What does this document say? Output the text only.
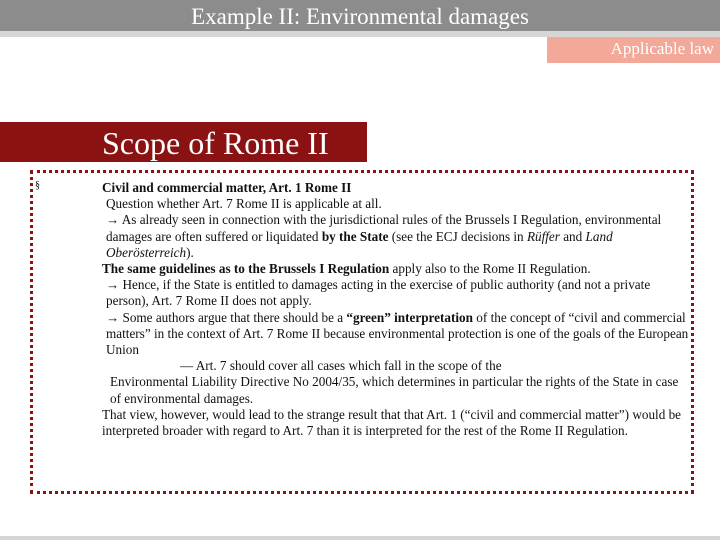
Example II: Environmental damages
Applicable law
Scope of Rome II
§	Civil and commercial matter, Art. 1 Rome II
Question whether Art. 7 Rome II is applicable at all.
→ As already seen in connection with the jurisdictional rules of the Brussels I Regulation, environmental damages are often suffered or liquidated by the State (see the ECJ decisions in Rüffer and Land Oberösterreich).
The same guidelines as to the Brussels I Regulation apply also to the Rome II Regulation.
→ Hence, if the State is entitled to damages acting in the exercise of public authority (and not a private person), Art. 7 Rome II does not apply.
→ Some authors argue that there should be a “green” interpretation of the concept of “civil and commercial matters” in the context of Art. 7 Rome II because environmental protection is one of the goals of the European Union
— Art. 7 should cover all cases which fall in the scope of the
Environmental Liability Directive No 2004/35, which determines in particular the rights of the State in case of environmental damages.
That view, however, would lead to the strange result that that Art. 1 (“civil and commercial matter”) would be interpreted broader with regard to Art. 7 than it is interpreted for the rest of the Rome II Regulation.
